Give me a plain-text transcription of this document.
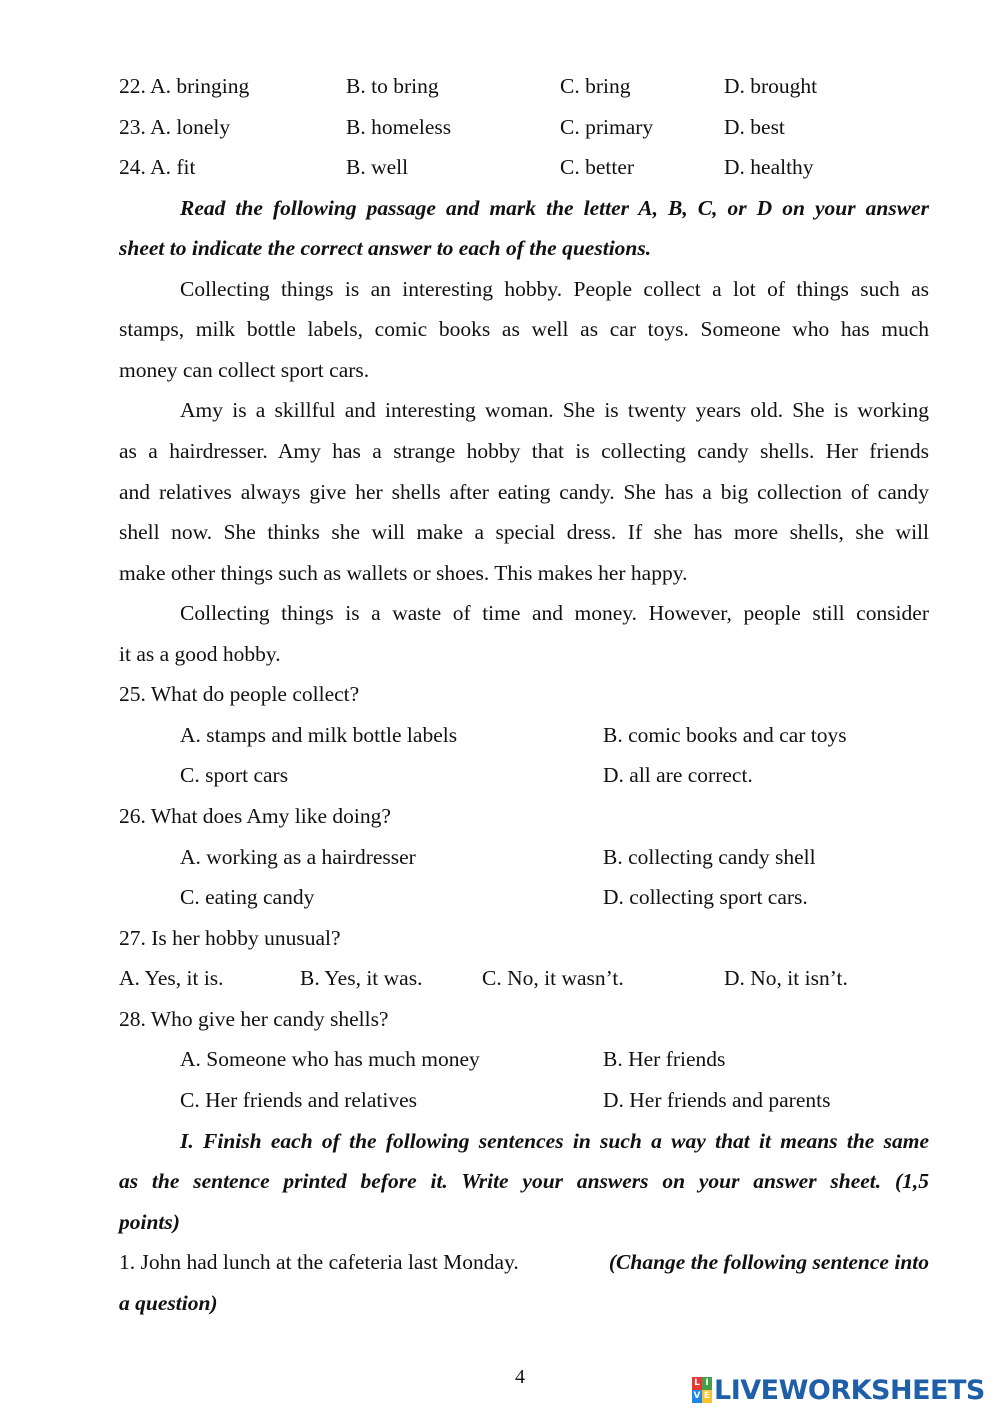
22. A. bringing	B. to bring	C. bring	D. brought
23. A. lonely	B. homeless	C. primary	D. best
24. A. fit	B. well	C. better	D. healthy
Read the following passage and mark the letter A, B, C, or D on your answer
sheet to indicate the correct answer to each of the questions.
Collecting things is an interesting hobby. People collect a lot of things such as
stamps, milk bottle labels, comic books as well as car toys. Someone who has much
money can collect sport cars.
Amy is a skillful and interesting woman. She is twenty years old. She is working
as a hairdresser. Amy has a strange hobby that is collecting candy shells. Her friends
and relatives always give her shells after eating candy. She has a big collection of candy
shell now. She thinks she will make a special dress. If she has more shells, she will
make other things such as wallets or shoes. This makes her happy.
Collecting things is a waste of time and money. However, people still consider
it as a good hobby.
25. What do people collect?
A. stamps and milk bottle labels	B. comic books and car toys
C. sport cars	D. all are correct.
26. What does Amy like doing?
A. working as a hairdresser	B. collecting candy shell
C. eating candy	D. collecting sport cars.
27. Is her hobby unusual?
A. Yes, it is.	B. Yes, it was.	C. No, it wasn’t.	D. No, it isn’t.
28. Who give her candy shells?
A. Someone who has much money	B. Her friends
C. Her friends and relatives	D. Her friends and parents
I. Finish each of the following sentences in such a way that it means the same
as the sentence printed before it. Write your answers on your answer sheet. (1,5
points)
1. John had lunch at the cafeteria last Monday.	(Change the following sentence into
a question)
4	L I
V E LIVEWORKSHEETS
